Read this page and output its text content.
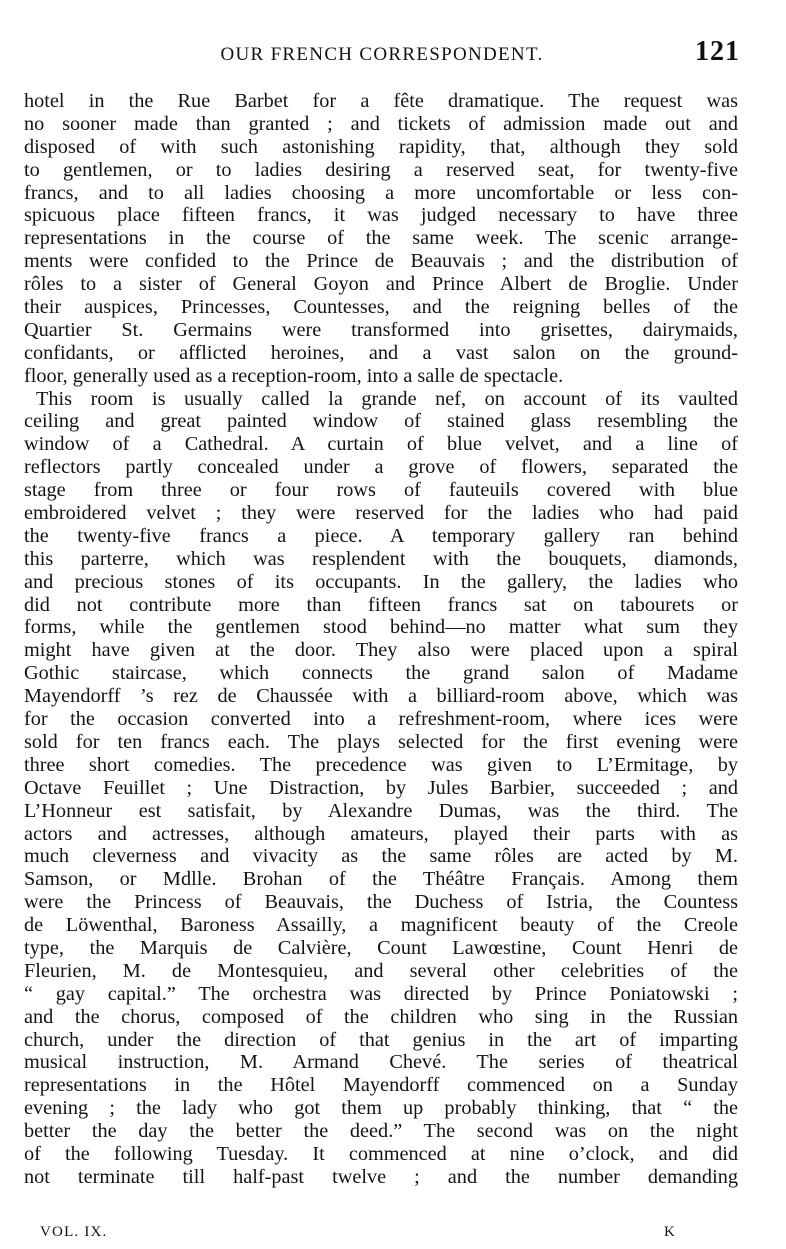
OUR FRENCH CORRESPONDENT.	121
hotel in the Rue Barbet for a fête dramatique. The request was
no sooner made than granted ; and tickets of admission made out and
disposed of with such astonishing rapidity, that, although they sold
to gentlemen, or to ladies desiring a reserved seat, for twenty-five
francs, and to all ladies choosing a more uncomfortable or less con-
spicuous place fifteen francs, it was judged necessary to have three
representations in the course of the same week. The scenic arrange-
ments were confided to the Prince de Beauvais ; and the distribution of
rôles to a sister of General Goyon and Prince Albert de Broglie. Under
their auspices, Princesses, Countesses, and the reigning belles of the
Quartier St. Germains were transformed into grisettes, dairymaids,
confidants, or afflicted heroines, and a vast salon on the ground-
floor, generally used as a reception-room, into a salle de spectacle.
This room is usually called la grande nef, on account of its vaulted
ceiling and great painted window of stained glass resembling the
window of a Cathedral. A curtain of blue velvet, and a line of
reflectors partly concealed under a grove of flowers, separated the
stage from three or four rows of fauteuils covered with blue
embroidered velvet ; they were reserved for the ladies who had paid
the twenty-five francs a piece. A temporary gallery ran behind
this parterre, which was resplendent with the bouquets, diamonds,
and precious stones of its occupants. In the gallery, the ladies who
did not contribute more than fifteen francs sat on tabourets or
forms, while the gentlemen stood behind—no matter what sum they
might have given at the door. They also were placed upon a spiral
Gothic staircase, which connects the grand salon of Madame
Mayendorff ’s rez de Chaussée with a billiard-room above, which was
for the occasion converted into a refreshment-room, where ices were
sold for ten francs each. The plays selected for the first evening were
three short comedies. The precedence was given to L’Ermitage, by
Octave Feuillet ; Une Distraction, by Jules Barbier, succeeded ; and
L’Honneur est satisfait, by Alexandre Dumas, was the third. The
actors and actresses, although amateurs, played their parts with as
much cleverness and vivacity as the same rôles are acted by M.
Samson, or Mdlle. Brohan of the Théâtre Français. Among them
were the Princess of Beauvais, the Duchess of Istria, the Countess
de Löwenthal, Baroness Assailly, a magnificent beauty of the Creole
type, the Marquis de Calvière, Count Lawœstine, Count Henri de
Fleurien, M. de Montesquieu, and several other celebrities of the
“ gay capital.” The orchestra was directed by Prince Poniatowski ;
and the chorus, composed of the children who sing in the Russian
church, under the direction of that genius in the art of imparting
musical instruction, M. Armand Chevé. The series of theatrical
representations in the Hôtel Mayendorff commenced on a Sunday
evening ; the lady who got them up probably thinking, that “ the
better the day the better the deed.” The second was on the night
of the following Tuesday. It commenced at nine o’clock, and did
not terminate till half-past twelve ; and the number demanding
VOL. IX.	K
